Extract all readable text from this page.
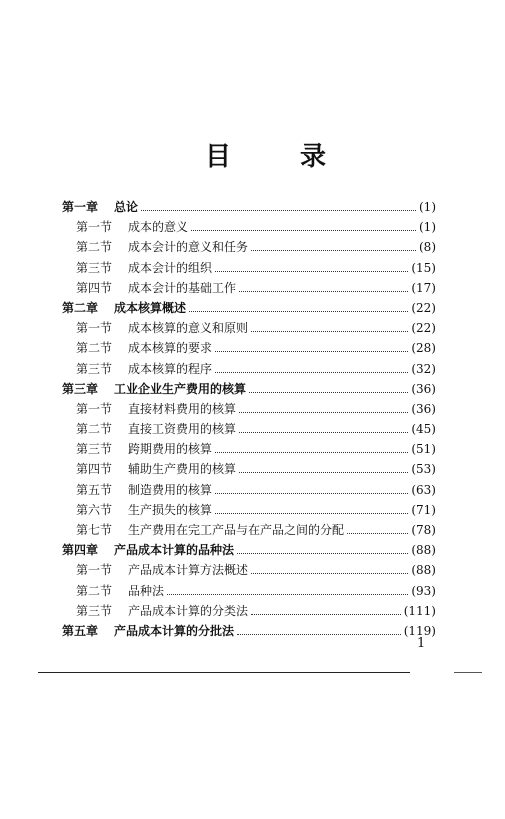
目 录
第一章	总论	(1)
第一节	成本的意义	(1)
第二节	成本会计的意义和任务	(8)
第三节	成本会计的组织	(15)
第四节	成本会计的基础工作	(17)
第二章	成本核算概述	(22)
第一节	成本核算的意义和原则	(22)
第二节	成本核算的要求	(28)
第三节	成本核算的程序	(32)
第三章	工业企业生产费用的核算	(36)
第一节	直接材料费用的核算	(36)
第二节	直接工资费用的核算	(45)
第三节	跨期费用的核算	(51)
第四节	辅助生产费用的核算	(53)
第五节	制造费用的核算	(63)
第六节	生产损失的核算	(71)
第七节	生产费用在完工产品与在产品之间的分配	(78)
第四章	产品成本计算的品种法	(88)
第一节	产品成本计算方法概述	(88)
第二节	品种法	(93)
第三节	产品成本计算的分类法	(111)
第五章	产品成本计算的分批法	(119)
1
